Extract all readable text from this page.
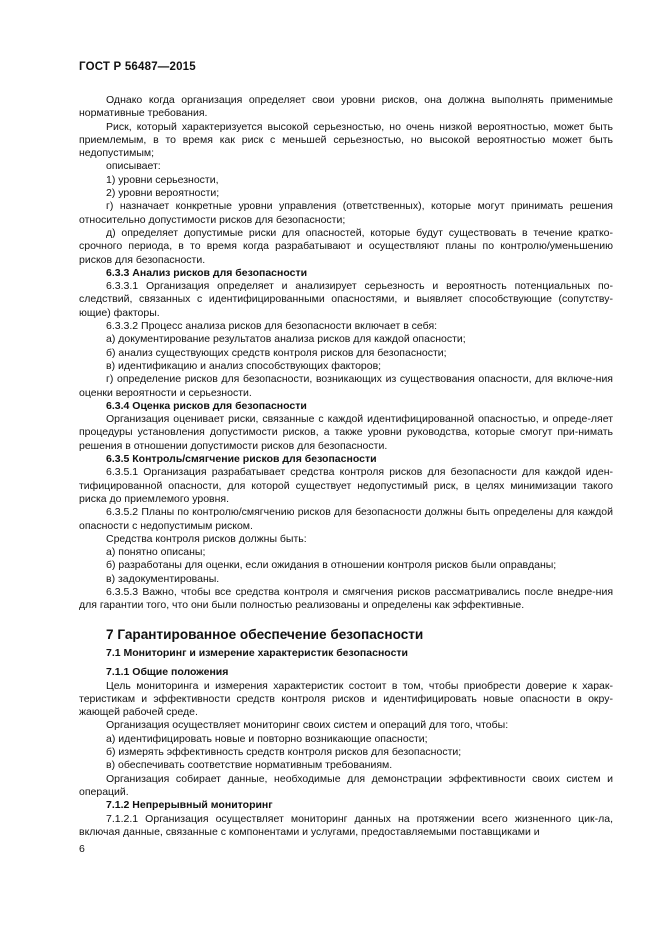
ГОСТ Р 56487—2015

Однако когда организация определяет свои уровни рисков, она должна выполнять применимые нормативные требования.

Риск, который характеризуется высокой серьезностью, но очень низкой вероятностью, может быть приемлемым, в то время как риск с меньшей серьезностью, но высокой вероятностью может быть недопустимым;

описывает:

1) уровни серьезности,

2) уровни вероятности;

г) назначает конкретные уровни управления (ответственных), которые могут принимать решения относительно допустимости рисков для безопасности;

д) определяет допустимые риски для опасностей, которые будут существовать в течение кратко-срочного периода, в то время когда разрабатывают и осуществляют планы по контролю/уменьшению рисков для безопасности.

6.3.3 Анализ рисков для безопасности

6.3.3.1 Организация определяет и анализирует серьезность и вероятность потенциальных по-следствий, связанных с идентифицированными опасностями, и выявляет способствующие (сопутству-ющие) факторы.

6.3.3.2 Процесс анализа рисков для безопасности включает в себя:

а) документирование результатов анализа рисков для каждой опасности;

б) анализ существующих средств контроля рисков для безопасности;

в) идентификацию и анализ способствующих факторов;

г) определение рисков для безопасности, возникающих из существования опасности, для включе-ния оценки вероятности и серьезности.

6.3.4 Оценка рисков для безопасности

Организация оценивает риски, связанные с каждой идентифицированной опасностью, и опреде-ляет процедуры установления допустимости рисков, а также уровни руководства, которые смогут при-нимать решения в отношении допустимости рисков для безопасности.

6.3.5 Контроль/смягчение рисков для безопасности

6.3.5.1 Организация разрабатывает средства контроля рисков для безопасности для каждой иден-тифицированной опасности, для которой существует недопустимый риск, в целях минимизации такого риска до приемлемого уровня.

6.3.5.2 Планы по контролю/смягчению рисков для безопасности должны быть определены для каждой опасности с недопустимым риском.

Средства контроля рисков должны быть:

а) понятно описаны;

б) разработаны для оценки, если ожидания в отношении контроля рисков были оправданы;

в) задокументированы.

6.3.5.3 Важно, чтобы все средства контроля и смягчения рисков рассматривались после внедре-ния для гарантии того, что они были полностью реализованы и определены как эффективные.

7 Гарантированное обеспечение безопасности

7.1 Мониторинг и измерение характеристик безопасности

7.1.1 Общие положения

Цель мониторинга и измерения характеристик состоит в том, чтобы приобрести доверие к харак-теристикам и эффективности средств контроля рисков и идентифицировать новые опасности в окру-жающей рабочей среде.

Организация осуществляет мониторинг своих систем и операций для того, чтобы:

а) идентифицировать новые и повторно возникающие опасности;

б) измерять эффективность средств контроля рисков для безопасности;

в) обеспечивать соответствие нормативным требованиям.

Организация собирает данные, необходимые для демонстрации эффективности своих систем и операций.

7.1.2 Непрерывный мониторинг

7.1.2.1 Организация осуществляет мониторинг данных на протяжении всего жизненного цик-ла, включая данные, связанные с компонентами и услугами, предоставляемыми поставщиками и

6
